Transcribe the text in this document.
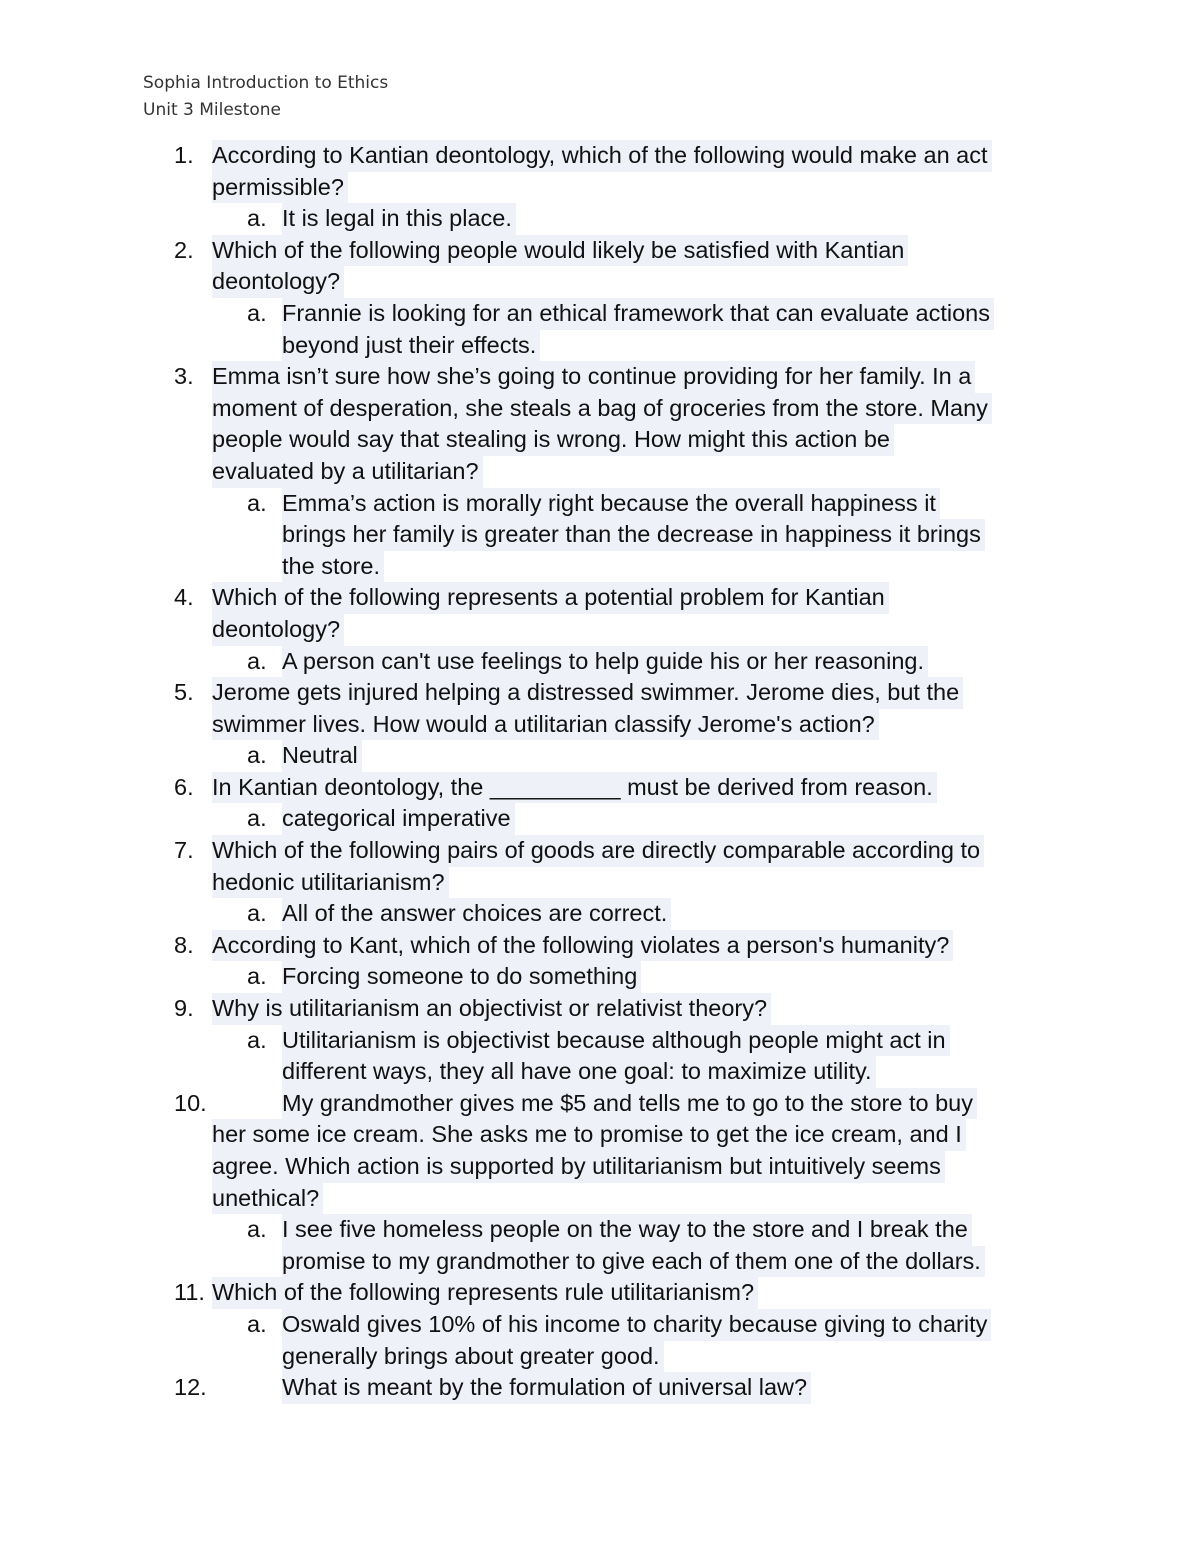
Sophia Introduction to Ethics
Unit 3 Milestone
1. According to Kantian deontology, which of the following would make an act
permissible?
a. It is legal in this place.
2. Which of the following people would likely be satisfied with Kantian
deontology?
a. Frannie is looking for an ethical framework that can evaluate actions
beyond just their effects.
3. Emma isn’t sure how she’s going to continue providing for her family. In a
moment of desperation, she steals a bag of groceries from the store. Many
people would say that stealing is wrong. How might this action be
evaluated by a utilitarian?
a. Emma’s action is morally right because the overall happiness it
brings her family is greater than the decrease in happiness it brings
the store.
4. Which of the following represents a potential problem for Kantian
deontology?
a. A person can't use feelings to help guide his or her reasoning.
5. Jerome gets injured helping a distressed swimmer. Jerome dies, but the
swimmer lives. How would a utilitarian classify Jerome's action?
a. Neutral
6. In Kantian deontology, the __________ must be derived from reason.
a. categorical imperative
7. Which of the following pairs of goods are directly comparable according to
hedonic utilitarianism?
a. All of the answer choices are correct.
8. According to Kant, which of the following violates a person's humanity?
a. Forcing someone to do something
9. Why is utilitarianism an objectivist or relativist theory?
a. Utilitarianism is objectivist because although people might act in
different ways, they all have one goal: to maximize utility.
10.	My grandmother gives me $5 and tells me to go to the store to buy
her some ice cream. She asks me to promise to get the ice cream, and I
agree. Which action is supported by utilitarianism but intuitively seems
unethical?
a. I see five homeless people on the way to the store and I break the
promise to my grandmother to give each of them one of the dollars.
11. Which of the following represents rule utilitarianism?
a. Oswald gives 10% of his income to charity because giving to charity
generally brings about greater good.
12.	What is meant by the formulation of universal law?
